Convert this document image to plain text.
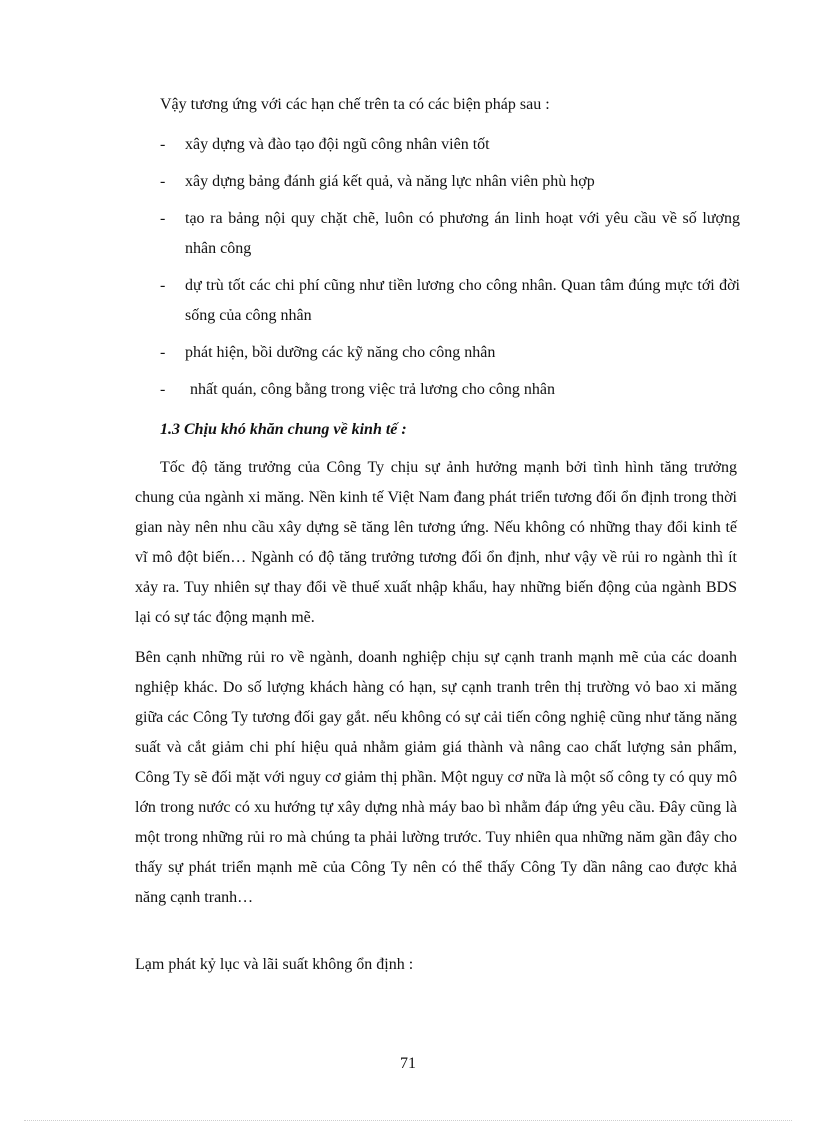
Vậy tương ứng với các hạn chế trên ta có các biện pháp sau :

- xây dựng và đào tạo đội ngũ công nhân viên tốt
- xây dựng bảng đánh giá kết quả, và năng lực nhân viên phù hợp
- tạo ra bảng nội quy chặt chẽ, luôn có phương án linh hoạt với yêu cầu về số lượng nhân công
- dự trù tốt các chi phí cũng như tiền lương cho công nhân. Quan tâm đúng mực tới đời sống của công nhân
- phát hiện, bồi dưỡng các kỹ năng cho công nhân
- nhất quán, công bằng trong việc trả lương cho công nhân
1.3 Chịu khó khăn chung về kinh tế :

Tốc độ tăng trưởng của Công Ty chịu sự ảnh hưởng mạnh bởi tình hình tăng trưởng chung của ngành xi măng. Nền kinh tế Việt Nam đang phát triển tương đối ổn định trong thời gian này nên nhu cầu xây dựng sẽ tăng lên tương ứng. Nếu không có những thay đổi kinh tế vĩ mô đột biến… Ngành có độ tăng trưởng tương đối ổn định, như vậy về rủi ro ngành thì ít xảy ra. Tuy nhiên sự thay đổi về thuế xuất nhập khẩu, hay những biến động của ngành BDS lại có sự tác động mạnh mẽ.

Bên cạnh những rủi ro về ngành, doanh nghiệp chịu sự cạnh tranh mạnh mẽ của các doanh nghiệp khác. Do số lượng khách hàng có hạn, sự cạnh tranh trên thị trường vỏ bao xi măng giữa các Công Ty tương đối gay gắt. nếu không có sự cải tiến công nghiệ cũng như tăng năng suất và cắt giảm chi phí hiệu quả nhằm giảm giá thành và nâng cao chất lượng sản phẩm, Công Ty sẽ đối mặt với nguy cơ giảm thị phần. Một nguy cơ nữa là một số công ty có quy mô lớn trong nước có xu hướng tự xây dựng nhà máy bao bì nhằm đáp ứng yêu cầu. Đây cũng là một trong những rủi ro mà chúng ta phải lường trước. Tuy nhiên qua những năm gần đây cho thấy sự phát triển mạnh mẽ của Công Ty nên có thể thấy Công Ty dần nâng cao được khả năng cạnh tranh…

Lạm phát kỷ lục và lãi suất không ổn định :

71
